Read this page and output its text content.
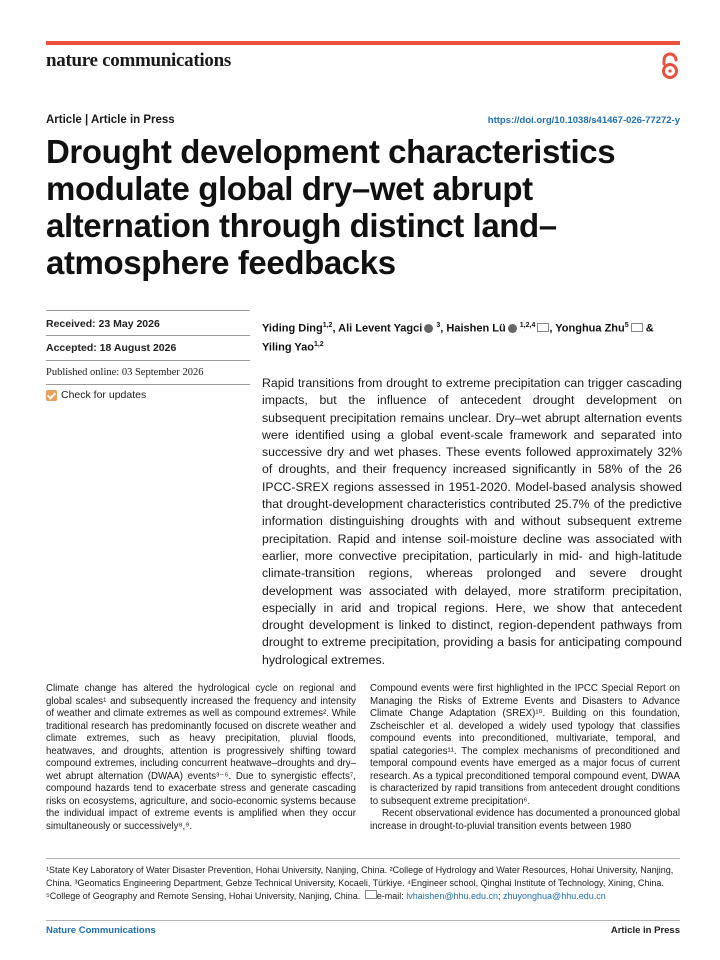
nature communications
Article | Article in Press	https://doi.org/10.1038/s41467-026-77272-y
Drought development characteristics modulate global dry–wet abrupt alternation through distinct land–atmosphere feedbacks
Received: 23 May 2026
Accepted: 18 August 2026
Published online: 03 September 2026
Check for updates
Yiding Ding$^{1,2}$, Ali Levent Yagci $^3$, Haishen Lü $^{1,2,4}$ , Yonghua Zhu$^5$ & Yiling Yao$^{1,2}$
Rapid transitions from drought to extreme precipitation can trigger cascading impacts, but the influence of antecedent drought development on subsequent precipitation remains unclear. Dry–wet abrupt alternation events were identified using a global event-scale framework and separated into successive dry and wet phases. These events followed approximately 32% of droughts, and their frequency increased significantly in 58% of the 26 IPCC-SREX regions assessed in 1951-2020. Model-based analysis showed that drought-development characteristics contributed 25.7% of the predictive information distinguishing droughts with and without subsequent extreme precipitation. Rapid and intense soil-moisture decline was associated with earlier, more convective precipitation, particularly in mid- and high-latitude climate-transition regions, whereas prolonged and severe drought development was associated with delayed, more stratiform precipitation, especially in arid and tropical regions. Here, we show that antecedent drought development is linked to distinct, region-dependent pathways from drought to extreme precipitation, providing a basis for anticipating compound hydrological extremes.

Climate change has altered the hydrological cycle on regional and global scales¹ and subsequently increased the frequency and intensity of weather and climate extremes as well as compound extremes². While traditional research has predominantly focused on discrete weather and climate extremes, such as heavy precipitation, pluvial floods, heatwaves, and droughts, attention is progressively shifting toward compound extremes, including concurrent heatwave–droughts and dry–wet abrupt alternation (DWAA) events³⁻⁶. Due to synergistic effects⁷, compound hazards tend to exacerbate stress and generate cascading risks on ecosystems, agriculture, and socio-economic systems because the individual impact of extreme events is amplified when they occur simultaneously or successively⁸,⁹.

Compound events were first highlighted in the IPCC Special Report on Managing the Risks of Extreme Events and Disasters to Advance Climate Change Adaptation (SREX)¹⁰. Building on this foundation, Zscheischler et al. developed a widely used typology that classifies compound events into preconditioned, multivariate, temporal, and spatial categories¹¹. The complex mechanisms of preconditioned and temporal compound events have emerged as a major focus of current research. As a typical preconditioned temporal compound event, DWAA is characterized by rapid transitions from antecedent drought conditions to subsequent extreme precipitation⁶.

Recent observational evidence has documented a pronounced global increase in drought-to-pluvial transition events between 1980

¹State Key Laboratory of Water Disaster Prevention, Hohai University, Nanjing, China. ²College of Hydrology and Water Resources, Hohai University, Nanjing, China. ³Geomatics Engineering Department, Gebze Technical University, Kocaeli, Türkiye. ⁴Engineer school, Qinghai Institute of Technology, Xining, China. ⁵College of Geography and Remote Sensing, Hohai University, Nanjing, China. e-mail: lvhaishen@hhu.edu.cn; zhuyonghua@hhu.edu.cn
Nature Communications	Article in Press
